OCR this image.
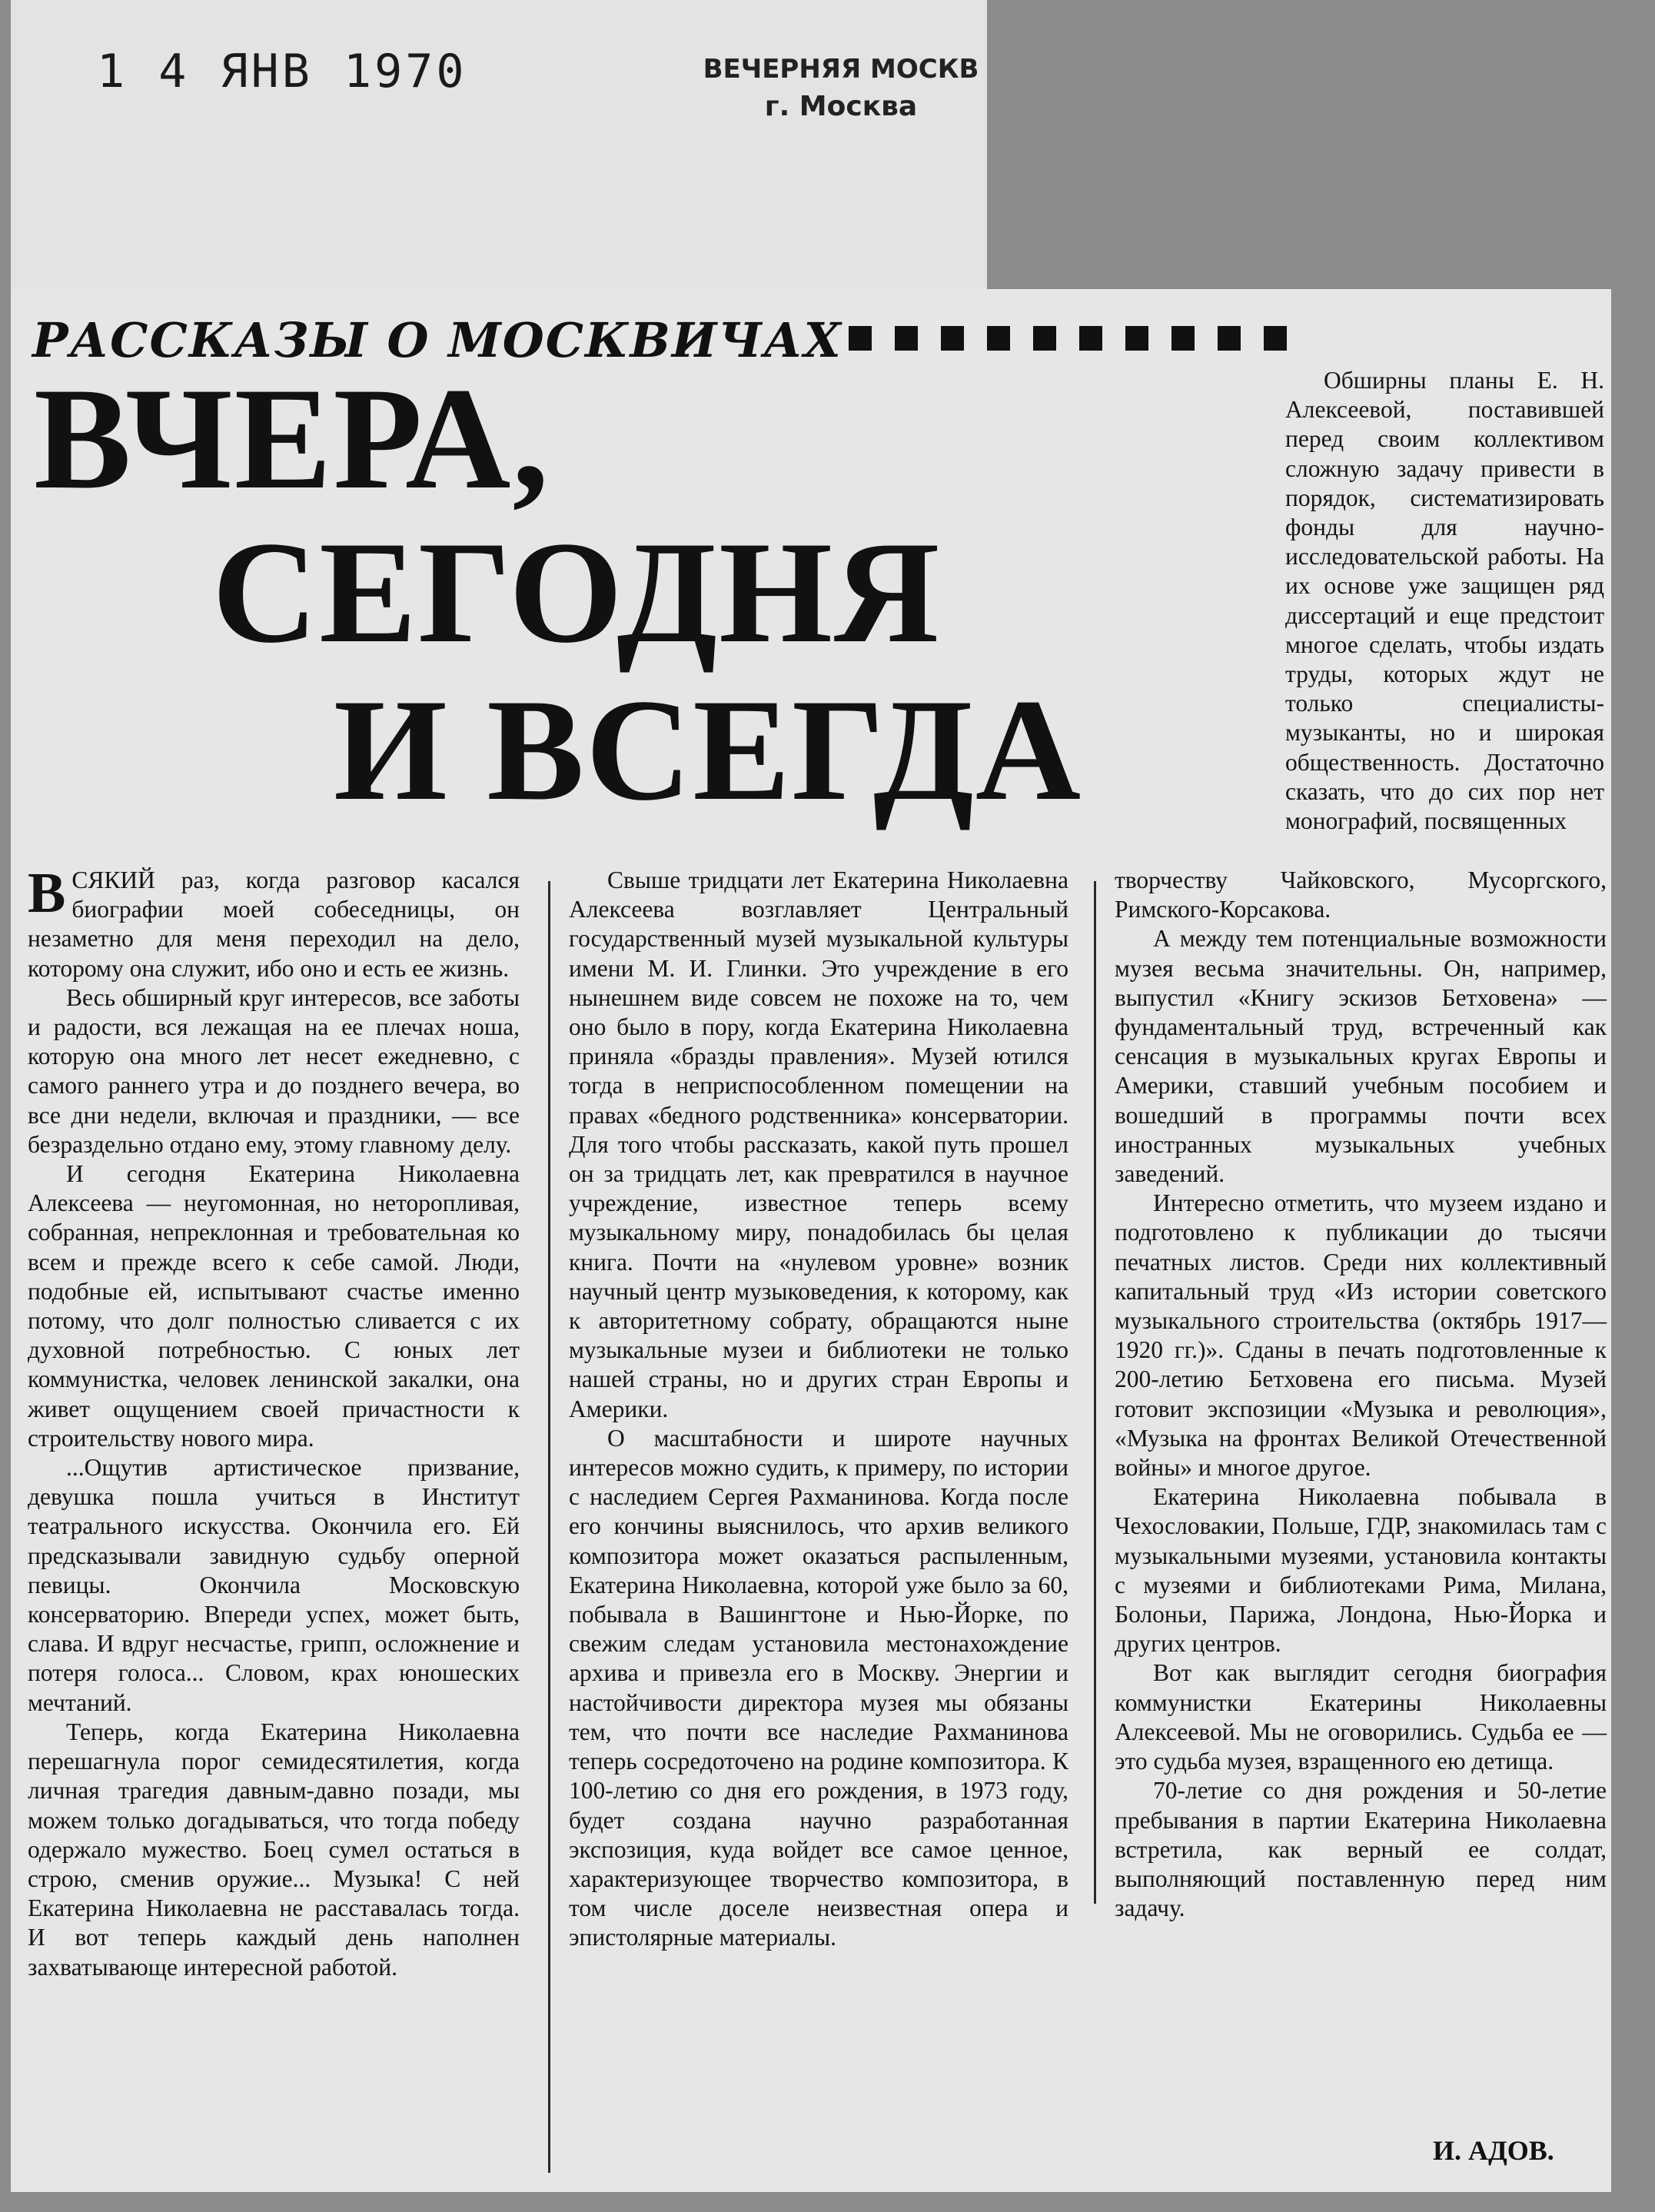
1 4 ЯНВ 1970	ВЕЧЕРНЯЯ МОСКВ
г. Москва
РАССКАЗЫ О МОСКВИЧАХ
ВЧЕРА,
СЕГОДНЯ
И ВСЕГДА

Обширны планы Е. Н. Алексеевой, поставившей перед своим коллективом сложную задачу привести в порядок, систематизировать фонды для научно-исследовательской работы. На их основе уже защищен ряд диссертаций и еще предстоит многое сделать, чтобы издать труды, которых ждут не только специалисты-музыканты, но и широкая общественность. Достаточно сказать, что до сих пор нет монографий, посвященных

ВСЯКИЙ раз, когда разговор касался биографии моей собеседницы, он незаметно для меня переходил на дело, которому она служит, ибо оно и есть ее жизнь.

Весь обширный круг интересов, все заботы и радости, вся лежащая на ее плечах ноша, которую она много лет несет ежедневно, с самого раннего утра и до позднего вечера, во все дни недели, включая и праздники, — все безраздельно отдано ему, этому главному делу.

И сегодня Екатерина Николаевна Алексеева — неугомонная, но неторопливая, собранная, непреклонная и требовательная ко всем и прежде всего к себе самой. Люди, подобные ей, испытывают счастье именно потому, что долг полностью сливается с их духовной потребностью. С юных лет коммунистка, человек ленинской закалки, она живет ощущением своей причастности к строительству нового мира.

...Ощутив артистическое призвание, девушка пошла учиться в Институт театрального искусства. Окончила его. Ей предсказывали завидную судьбу оперной певицы. Окончила Московскую консерваторию. Впереди успех, может быть, слава. И вдруг несчастье, грипп, осложнение и потеря голоса... Словом, крах юношеских мечтаний.

Теперь, когда Екатерина Николаевна перешагнула порог семидесятилетия, когда личная трагедия давным-давно позади, мы можем только догадываться, что тогда победу одержало мужество. Боец сумел остаться в строю, сменив оружие... Музыка! С ней Екатерина Николаевна не расставалась тогда. И вот теперь каждый день наполнен захватывающе интересной работой.

Свыше тридцати лет Екатерина Николаевна Алексеева возглавляет Центральный государственный музей музыкальной культуры имени М. И. Глинки. Это учреждение в его нынешнем виде совсем не похоже на то, чем оно было в пору, когда Екатерина Николаевна приняла «бразды правления». Музей ютился тогда в неприспособленном помещении на правах «бедного родственника» консерватории. Для того чтобы рассказать, какой путь прошел он за тридцать лет, как превратился в научное учреждение, известное теперь всему музыкальному миру, понадобилась бы целая книга. Почти на «нулевом уровне» возник научный центр музыковедения, к которому, как к авторитетному собрату, обращаются ныне музыкальные музеи и библиотеки не только нашей страны, но и других стран Европы и Америки.

О масштабности и широте научных интересов можно судить, к примеру, по истории с наследием Сергея Рахманинова. Когда после его кончины выяснилось, что архив великого композитора может оказаться распыленным, Екатерина Николаевна, которой уже было за 60, побывала в Вашингтоне и Нью-Йорке, по свежим следам установила местонахождение архива и привезла его в Москву. Энергии и настойчивости директора музея мы обязаны тем, что почти все наследие Рахманинова теперь сосредоточено на родине композитора. К 100-летию со дня его рождения, в 1973 году, будет создана научно разработанная экспозиция, куда войдет все самое ценное, характеризующее творчество композитора, в том числе доселе неизвестная опера и эпистолярные материалы.

творчеству Чайковского, Мусоргского, Римского-Корсакова.

А между тем потенциальные возможности музея весьма значительны. Он, например, выпустил «Книгу эскизов Бетховена» — фундаментальный труд, встреченный как сенсация в музыкальных кругах Европы и Америки, ставший учебным пособием и вошедший в программы почти всех иностранных музыкальных учебных заведений.

Интересно отметить, что музеем издано и подготовлено к публикации до тысячи печатных листов. Среди них коллективный капитальный труд «Из истории советского музыкального строительства (октябрь 1917—1920 гг.)». Сданы в печать подготовленные к 200-летию Бетховена его письма. Музей готовит экспозиции «Музыка и революция», «Музыка на фронтах Великой Отечественной войны» и многое другое.

Екатерина Николаевна побывала в Чехословакии, Польше, ГДР, знакомилась там с музыкальными музеями, установила контакты с музеями и библиотеками Рима, Милана, Болоньи, Парижа, Лондона, Нью-Йорка и других центров.

Вот как выглядит сегодня биография коммунистки Екатерины Николаевны Алексеевой. Мы не оговорились. Судьба ее — это судьба музея, взращенного ею детища.

70-летие со дня рождения и 50-летие пребывания в партии Екатерина Николаевна встретила, как верный ее солдат, выполняющий поставленную перед ним задачу.

И. АДОВ.
